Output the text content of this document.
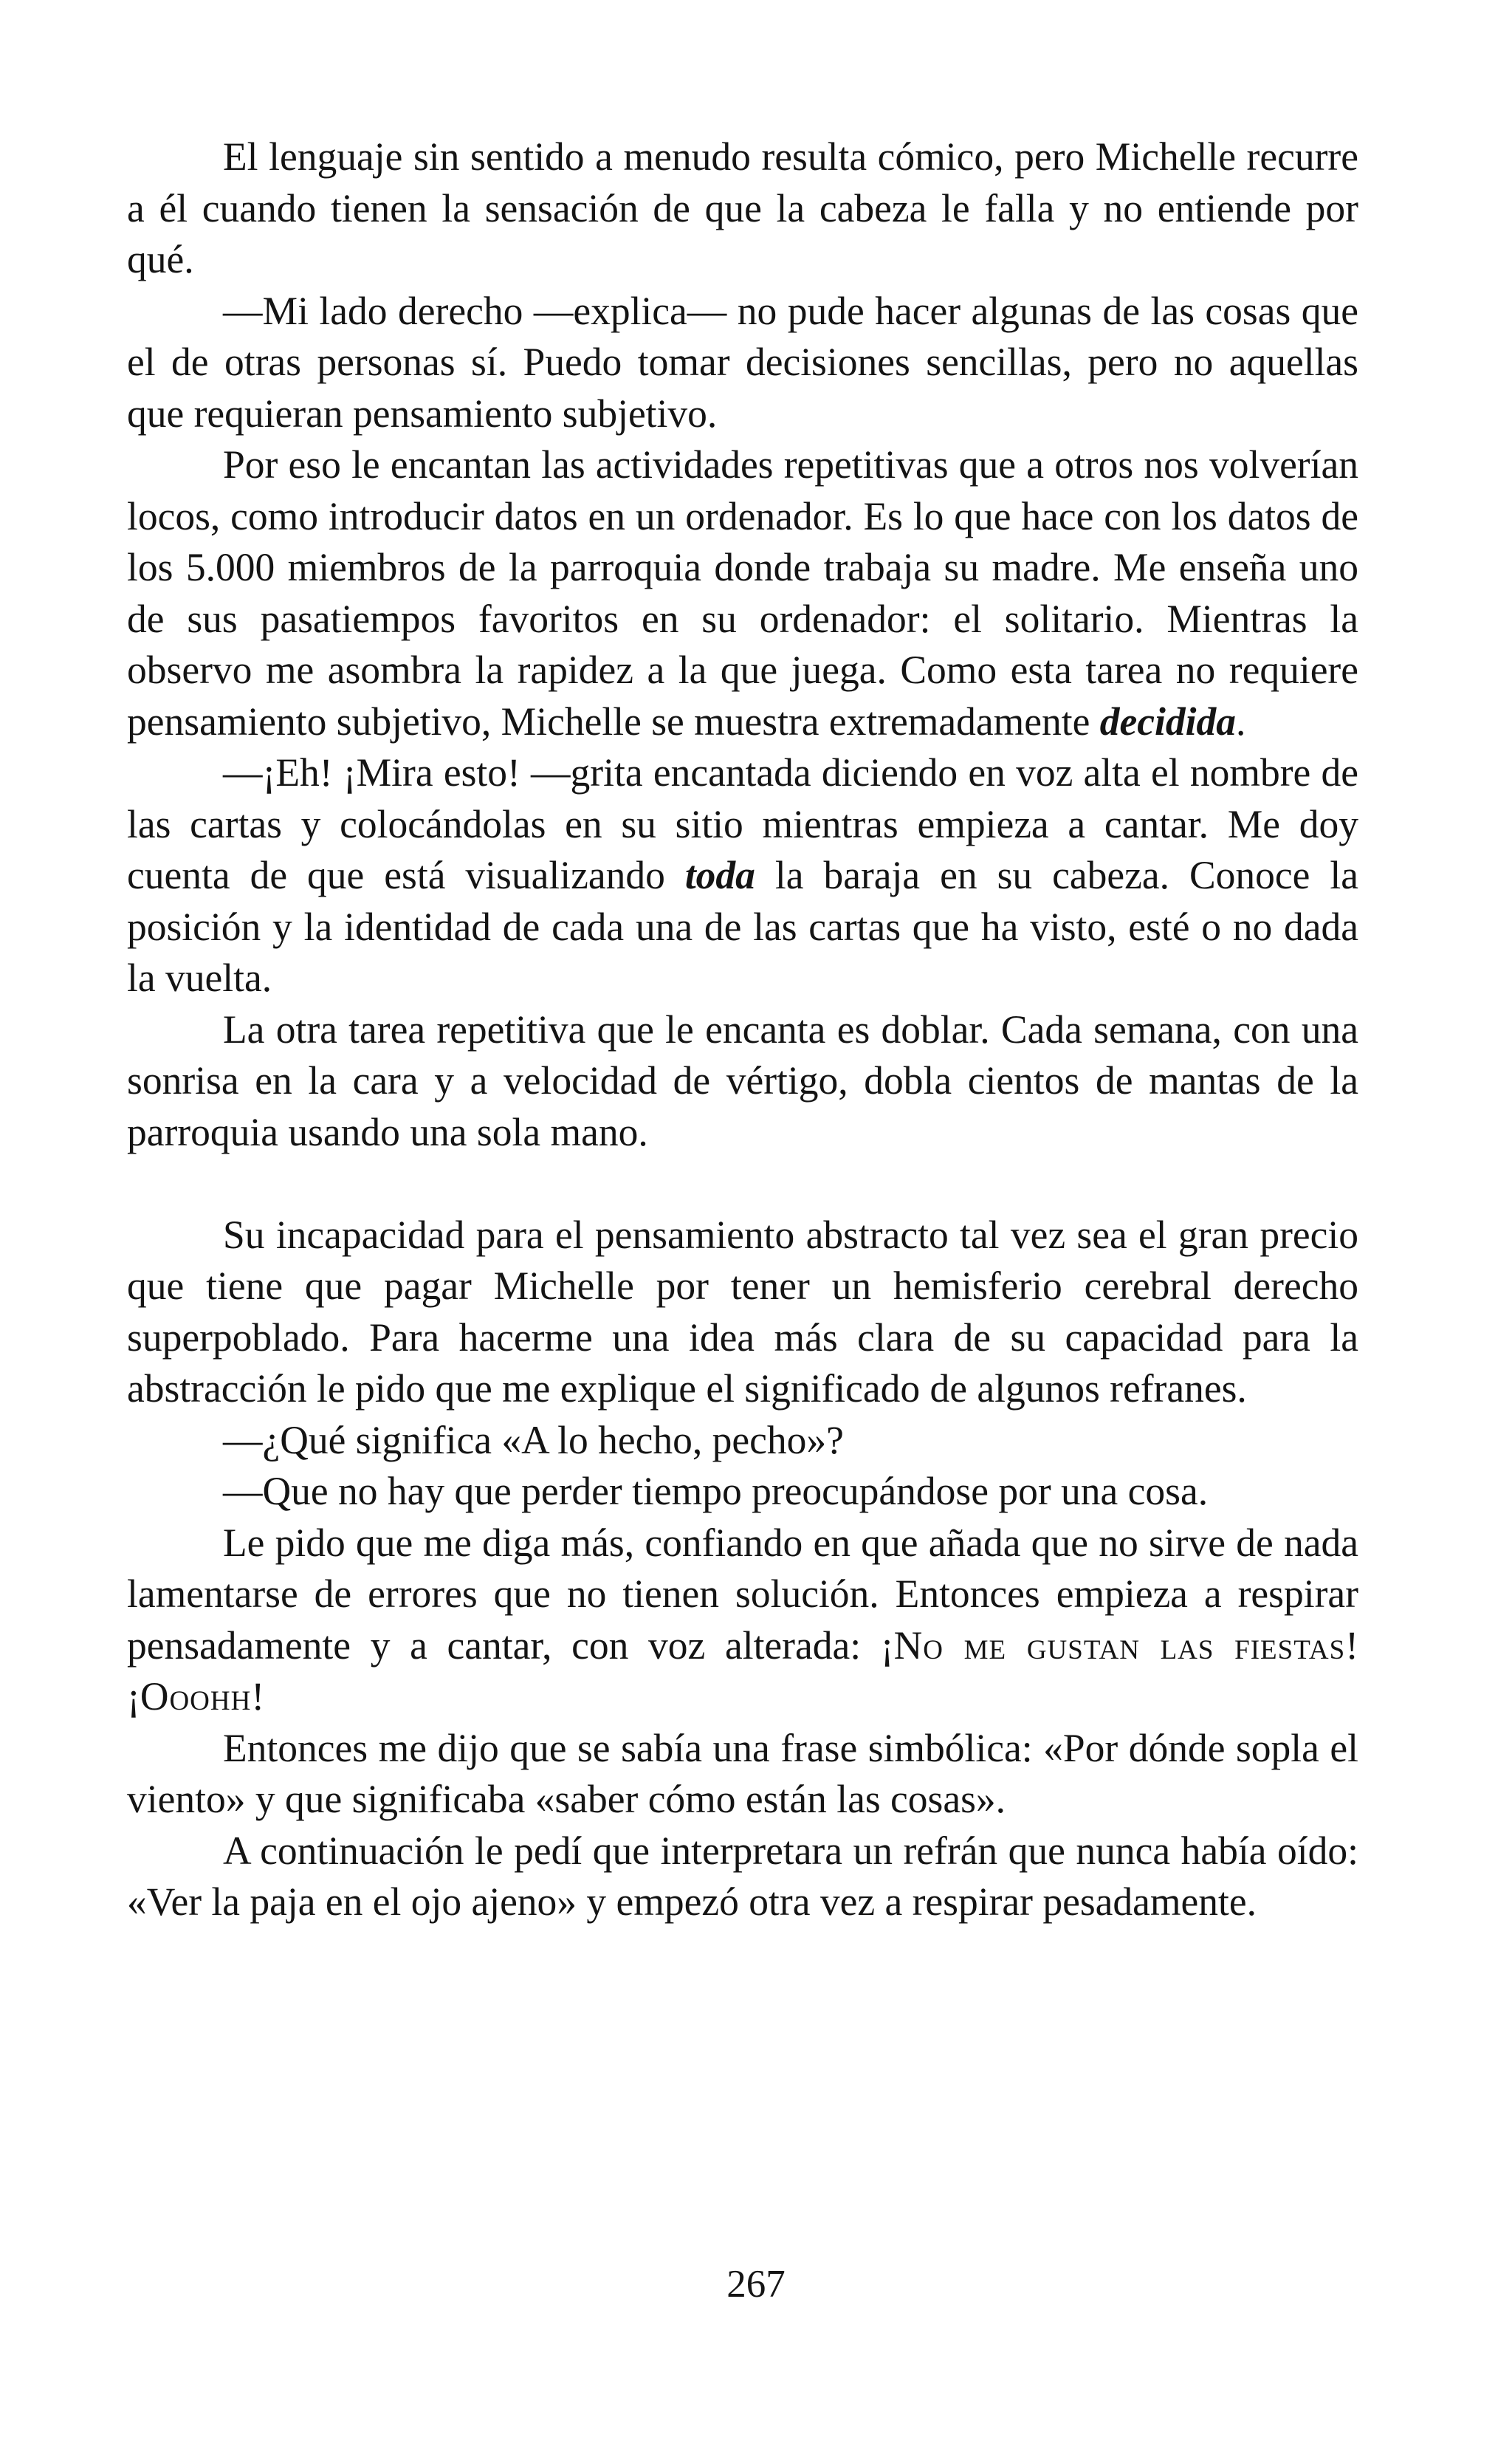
El lenguaje sin sentido a menudo resulta cómico, pero Michelle recurre a él cuando tienen la sensación de que la cabeza le falla y no entiende por qué.

—Mi lado derecho —explica— no pude hacer algunas de las cosas que el de otras personas sí. Puedo tomar decisiones sencillas, pero no aquellas que requieran pensamiento subjetivo.

Por eso le encantan las actividades repetitivas que a otros nos volverían locos, como introducir datos en un ordenador. Es lo que hace con los datos de los 5.000 miembros de la parroquia donde trabaja su madre. Me enseña uno de sus pasatiempos favoritos en su ordenador: el solitario. Mientras la observo me asombra la rapidez a la que juega. Como esta tarea no requiere pensamiento subjetivo, Michelle se muestra extremadamente decidida.

—¡Eh! ¡Mira esto! —grita encantada diciendo en voz alta el nombre de las cartas y colocándolas en su sitio mientras empieza a cantar. Me doy cuenta de que está visualizando toda la baraja en su cabeza. Conoce la posición y la identidad de cada una de las cartas que ha visto, esté o no dada la vuelta.

La otra tarea repetitiva que le encanta es doblar. Cada semana, con una sonrisa en la cara y a velocidad de vértigo, dobla cientos de mantas de la parroquia usando una sola mano.

Su incapacidad para el pensamiento abstracto tal vez sea el gran precio que tiene que pagar Michelle por tener un hemisferio cerebral derecho superpoblado. Para hacerme una idea más clara de su capacidad para la abstracción le pido que me explique el significado de algunos refranes.

—¿Qué significa «A lo hecho, pecho»?

—Que no hay que perder tiempo preocupándose por una cosa.

Le pido que me diga más, confiando en que añada que no sirve de nada lamentarse de errores que no tienen solución. Entonces empieza a respirar pensadamente y a cantar, con voz alterada: ¡No me gustan las fiestas! ¡Ooohh!

Entonces me dijo que se sabía una frase simbólica: «Por dónde sopla el viento» y que significaba «saber cómo están las cosas».

A continuación le pedí que interpretara un refrán que nunca había oído: «Ver la paja en el ojo ajeno» y empezó otra vez a respirar pesadamente.

267
